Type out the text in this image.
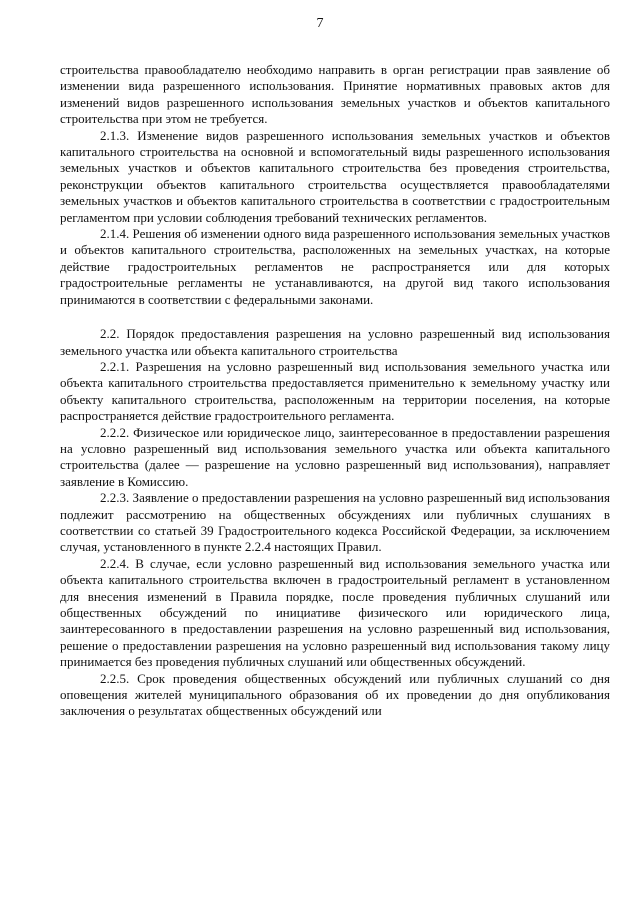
7

строительства правообладателю необходимо направить в орган регистрации прав заявление об изменении вида разрешенного использования. Принятие нормативных правовых актов для изменений видов разрешенного использования земельных участков и объектов капитального строительства при этом не требуется.

2.1.3. Изменение видов разрешенного использования земельных участков и объектов капитального строительства на основной и вспомогательный виды разрешенного использования земельных участков и объектов капитального строительства без проведения строительства, реконструкции объектов капитального строительства осуществляется правообладателями земельных участков и объектов капитального строительства в соответствии с градостроительным регламентом при условии соблюдения требований технических регламентов.

2.1.4. Решения об изменении одного вида разрешенного использования земельных участков и объектов капитального строительства, расположенных на земельных участках, на которые действие градостроительных регламентов не распространяется или для которых градостроительные регламенты не устанавливаются, на другой вид такого использования принимаются в соответствии с федеральными законами.

2.2. Порядок предоставления разрешения на условно разрешенный вид использования земельного участка или объекта капитального строительства

2.2.1. Разрешения на условно разрешенный вид использования земельного участка или объекта капитального строительства предоставляется применительно к земельному участку или объекту капитального строительства, расположенным на территории поселения, на которые распространяется действие градостроительного регламента.

2.2.2. Физическое или юридическое лицо, заинтересованное в предоставлении разрешения на условно разрешенный вид использования земельного участка или объекта капитального строительства (далее — разрешение на условно разрешенный вид использования), направляет заявление в Комиссию.

2.2.3. Заявление о предоставлении разрешения на условно разрешенный вид использования подлежит рассмотрению на общественных обсуждениях или публичных слушаниях в соответствии со статьей 39 Градостроительного кодекса Российской Федерации, за исключением случая, установленного в пункте 2.2.4 настоящих Правил.

2.2.4. В случае, если условно разрешенный вид использования земельного участка или объекта капитального строительства включен в градостроительный регламент в установленном для внесения изменений в Правила порядке, после проведения публичных слушаний или общественных обсуждений по инициативе физического или юридического лица, заинтересованного в предоставлении разрешения на условно разрешенный вид использования, решение о предоставлении разрешения на условно разрешенный вид использования такому лицу принимается без проведения публичных слушаний или общественных обсуждений.

2.2.5. Срок проведения общественных обсуждений или публичных слушаний со дня оповещения жителей муниципального образования об их проведении до дня опубликования заключения о результатах общественных обсуждений или
